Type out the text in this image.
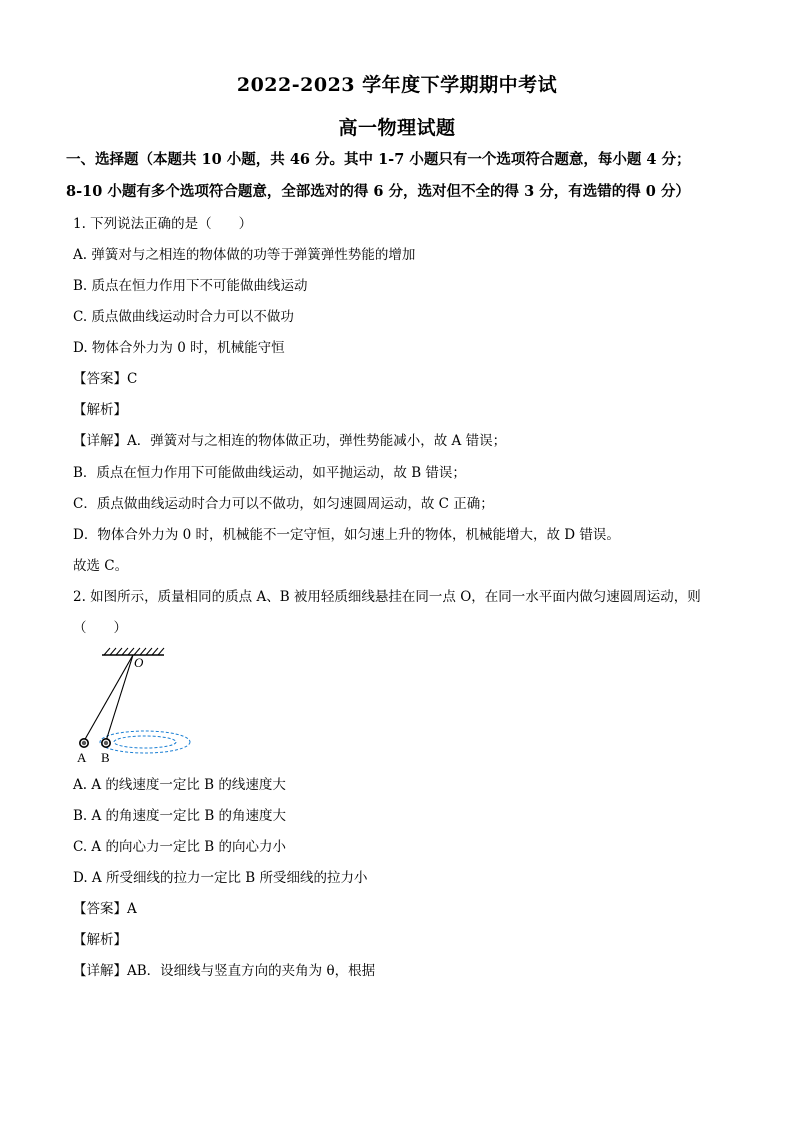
2022-2023 学年度下学期期中考试
高一物理试题
一、选择题（本题共 10 小题，共 46 分。其中 1-7 小题只有一个选项符合题意，每小题 4 分；
8-10 小题有多个选项符合题意，全部选对的得 6 分，选对但不全的得 3 分，有选错的得 0 分）
1. 下列说法正确的是（　　）
A. 弹簧对与之相连的物体做的功等于弹簧弹性势能的增加
B. 质点在恒力作用下不可能做曲线运动
C. 质点做曲线运动时合力可以不做功
D. 物体合外力为 0 时，机械能守恒
【答案】C
【解析】
【详解】A．弹簧对与之相连的物体做正功，弹性势能减小，故 A 错误；
B．质点在恒力作用下可能做曲线运动，如平抛运动，故 B 错误；
C．质点做曲线运动时合力可以不做功，如匀速圆周运动，故 C 正确；
D．物体合外力为 0 时，机械能不一定守恒，如匀速上升的物体，机械能增大，故 D 错误。
故选 C。
2. 如图所示，质量相同的质点 A、B 被用轻质细线悬挂在同一点 O，在同一水平面内做匀速圆周运动，则
（　　）
O
A B
A. A 的线速度一定比 B 的线速度大
B. A 的角速度一定比 B 的角速度大
C. A 的向心力一定比 B 的向心力小
D. A 所受细线的拉力一定比 B 所受细线的拉力小
【答案】A
【解析】
【详解】AB．设细线与竖直方向的夹角为 θ，根据
